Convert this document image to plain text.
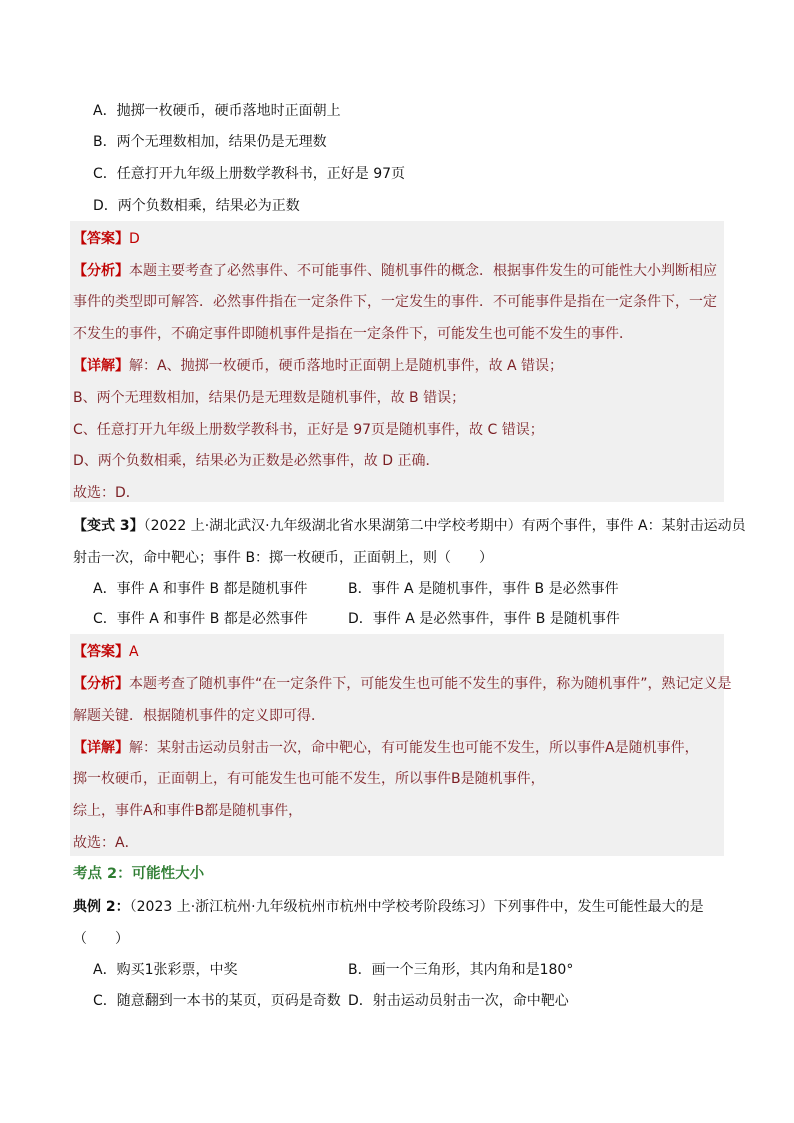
A．抛掷一枚硬币，硬币落地时正面朝上
B．两个无理数相加，结果仍是无理数
C．任意打开九年级上册数学教科书，正好是 97页
D．两个负数相乘，结果必为正数
【答案】D
【分析】本题主要考查了必然事件、不可能事件、随机事件的概念．根据事件发生的可能性大小判断相应
事件的类型即可解答．必然事件指在一定条件下，一定发生的事件．不可能事件是指在一定条件下，一定
不发生的事件，不确定事件即随机事件是指在一定条件下，可能发生也可能不发生的事件．
【详解】解：A、抛掷一枚硬币，硬币落地时正面朝上是随机事件，故 A 错误；
B、两个无理数相加，结果仍是无理数是随机事件，故 B 错误；
C、任意打开九年级上册数学教科书，正好是 97页是随机事件，故 C 错误；
D、两个负数相乘，结果必为正数是必然事件，故 D 正确．
故选：D．
【变式 3】（2022 上·湖北武汉·九年级湖北省水果湖第二中学校考期中）有两个事件，事件 A：某射击运动员
射击一次，命中靶心；事件 B：掷一枚硬币，正面朝上，则（　　）
A．事件 A 和事件 B 都是随机事件	B．事件 A 是随机事件，事件 B 是必然事件
C．事件 A 和事件 B 都是必然事件	D．事件 A 是必然事件，事件 B 是随机事件
【答案】A
【分析】本题考查了随机事件“在一定条件下，可能发生也可能不发生的事件，称为随机事件”，熟记定义是
解题关键．根据随机事件的定义即可得．
【详解】解：某射击运动员射击一次，命中靶心，有可能发生也可能不发生，所以事件A是随机事件，
掷一枚硬币，正面朝上，有可能发生也可能不发生，所以事件B是随机事件，
综上，事件A和事件B都是随机事件，
故选：A．
考点 2：可能性大小
典例 2：（2023 上·浙江杭州·九年级杭州市杭州中学校考阶段练习）下列事件中，发生可能性最大的是
（　　）
A．购买1张彩票，中奖	B．画一个三角形，其内角和是180°
C．随意翻到一本书的某页，页码是奇数 D．射击运动员射击一次，命中靶心
